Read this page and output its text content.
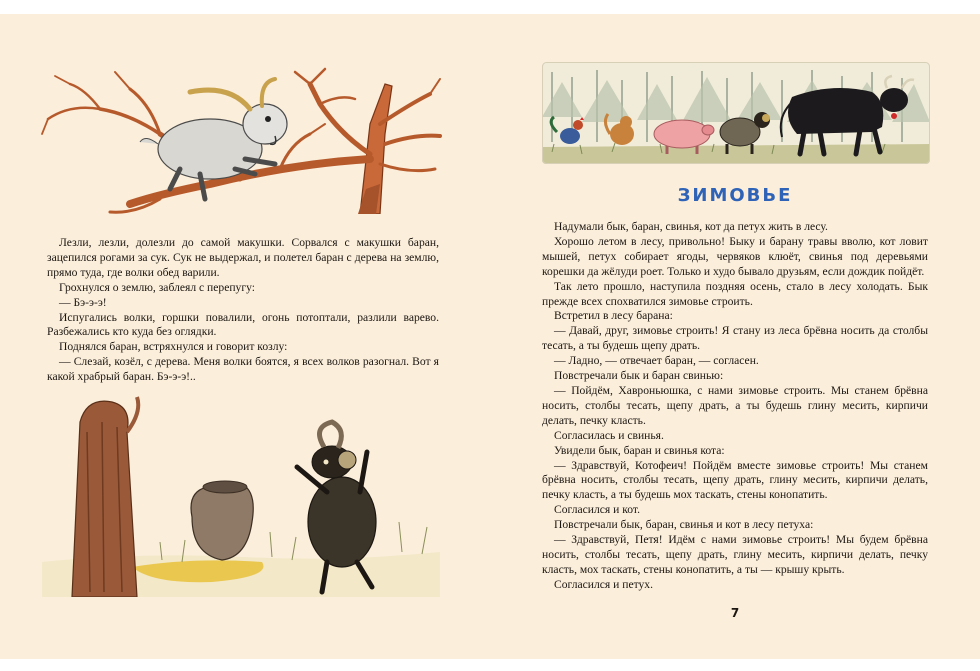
Лезли, лезли, долезли до самой макушки. Сорвался с макушки баран, зацепился рогами за сук. Сук не выдержал, и полетел баран с дерева на землю, прямо туда, где волки обед варили.

Грохнулся о землю, заблеял с перепугу:

— Бэ-э-э!

Испугались волки, горшки повалили, огонь потоптали, разлили варево. Разбежались кто куда без оглядки.

Поднялся баран, встряхнулся и говорит козлу:

— Слезай, козёл, с дерева. Меня волки боятся, я всех волков разогнал. Вот я какой храбрый баран. Бэ-э-э!..

ЗИМОВЬЕ

Надумали бык, баран, свинья, кот да петух жить в лесу.

Хорошо летом в лесу, привольно! Быку и барану травы вволю, кот ловит мышей, петух собирает ягоды, червяков клюёт, свинья под деревьями корешки да жёлуди роет. Только и худо бывало друзьям, если дождик пойдёт.

Так лето прошло, наступила поздняя осень, стало в лесу холодать. Бык прежде всех спохватился зимовье строить.

Встретил в лесу барана:

— Давай, друг, зимовье строить! Я стану из леса брёвна носить да столбы тесать, а ты будешь щепу драть.

— Ладно, — отвечает баран, — согласен.

Повстречали бык и баран свинью:

— Пойдём, Хавроньюшка, с нами зимовье строить. Мы станем брёвна носить, столбы тесать, щепу драть, а ты будешь глину месить, кирпичи делать, печку класть.

Согласилась и свинья.

Увидели бык, баран и свинья кота:

— Здравствуй, Котофеич! Пойдём вместе зимовье строить! Мы станем брёвна носить, столбы тесать, щепу драть, глину месить, кирпичи делать, печку класть, а ты будешь мох таскать, стены конопатить.

Согласился и кот.

Повстречали бык, баран, свинья и кот в лесу петуха:

— Здравствуй, Петя! Идём с нами зимовье строить! Мы будем брёвна носить, столбы тесать, щепу драть, глину месить, кирпичи делать, печку класть, мох таскать, стены конопатить, а ты — крышу крыть.

Согласился и петух.

7
